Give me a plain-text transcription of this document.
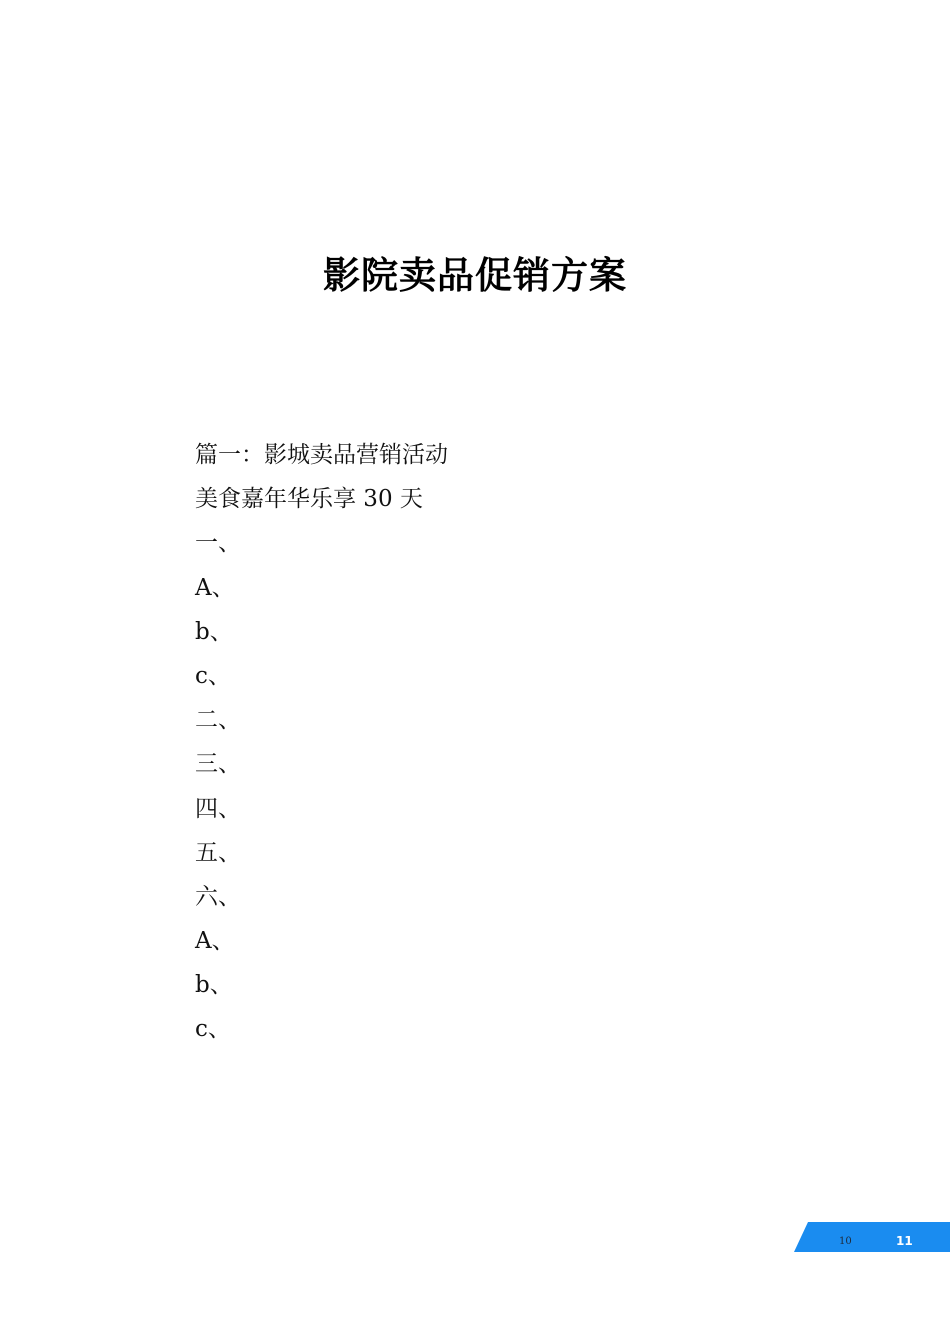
影院卖品促销方案
篇一：影城卖品营销活动
美食嘉年华乐享 30 天
一、
A、
b、
c、
二、
三、
四、
五、
六、
A、
b、
c、
10	11
